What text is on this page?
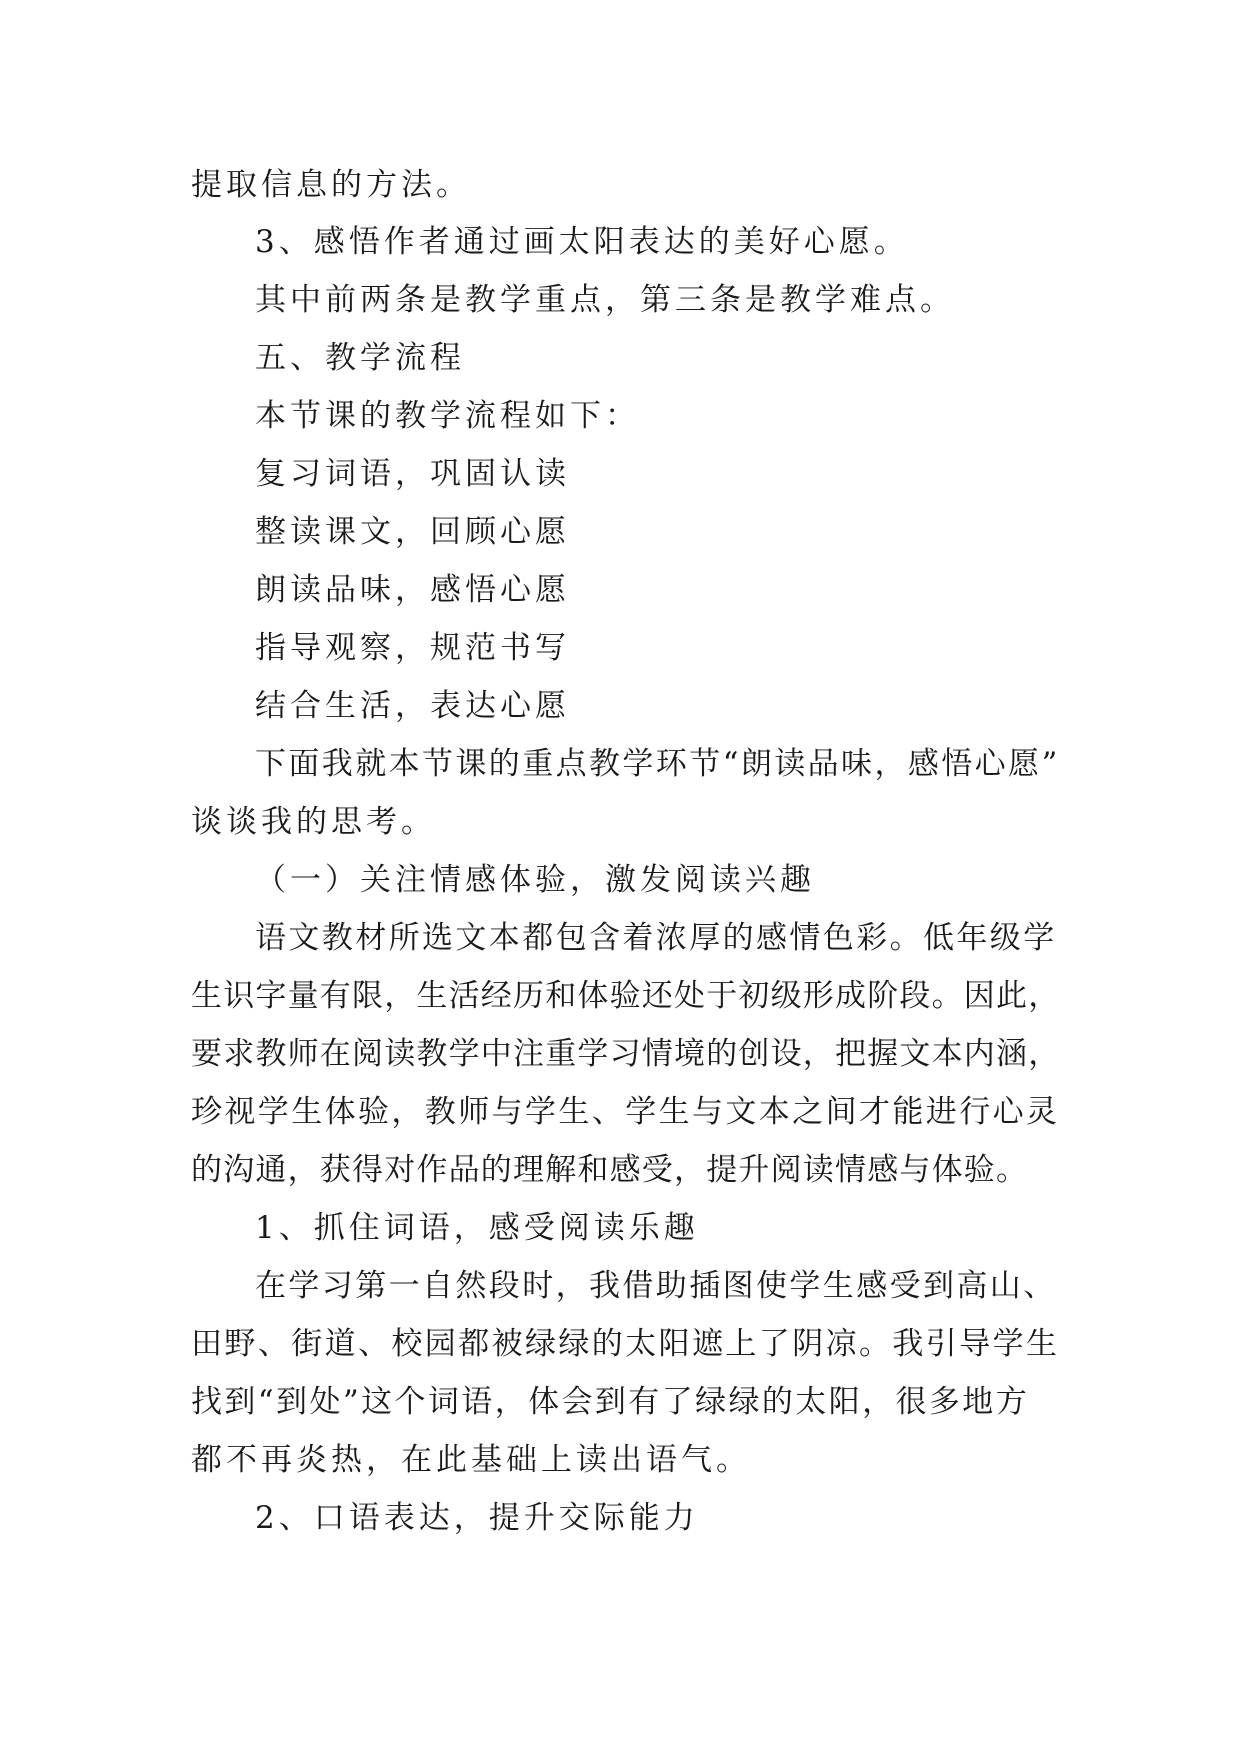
提取信息的方法。
3、感悟作者通过画太阳表达的美好心愿。
其中前两条是教学重点，第三条是教学难点。
五、教学流程
本节课的教学流程如下：
复习词语，巩固认读
整读课文，回顾心愿
朗读品味，感悟心愿
指导观察，规范书写
结合生活，表达心愿
下面我就本节课的重点教学环节“朗读品味，感悟心愿”
谈谈我的思考。
（一）关注情感体验，激发阅读兴趣
语文教材所选文本都包含着浓厚的感情色彩。低年级学
生识字量有限，生活经历和体验还处于初级形成阶段。因此，
要求教师在阅读教学中注重学习情境的创设，把握文本内涵，
珍视学生体验，教师与学生、学生与文本之间才能进行心灵
的沟通，获得对作品的理解和感受，提升阅读情感与体验。
1、抓住词语，感受阅读乐趣
在学习第一自然段时，我借助插图使学生感受到高山、
田野、街道、校园都被绿绿的太阳遮上了阴凉。我引导学生
找到“到处”这个词语，体会到有了绿绿的太阳，很多地方
都不再炎热，在此基础上读出语气。
2、口语表达，提升交际能力
